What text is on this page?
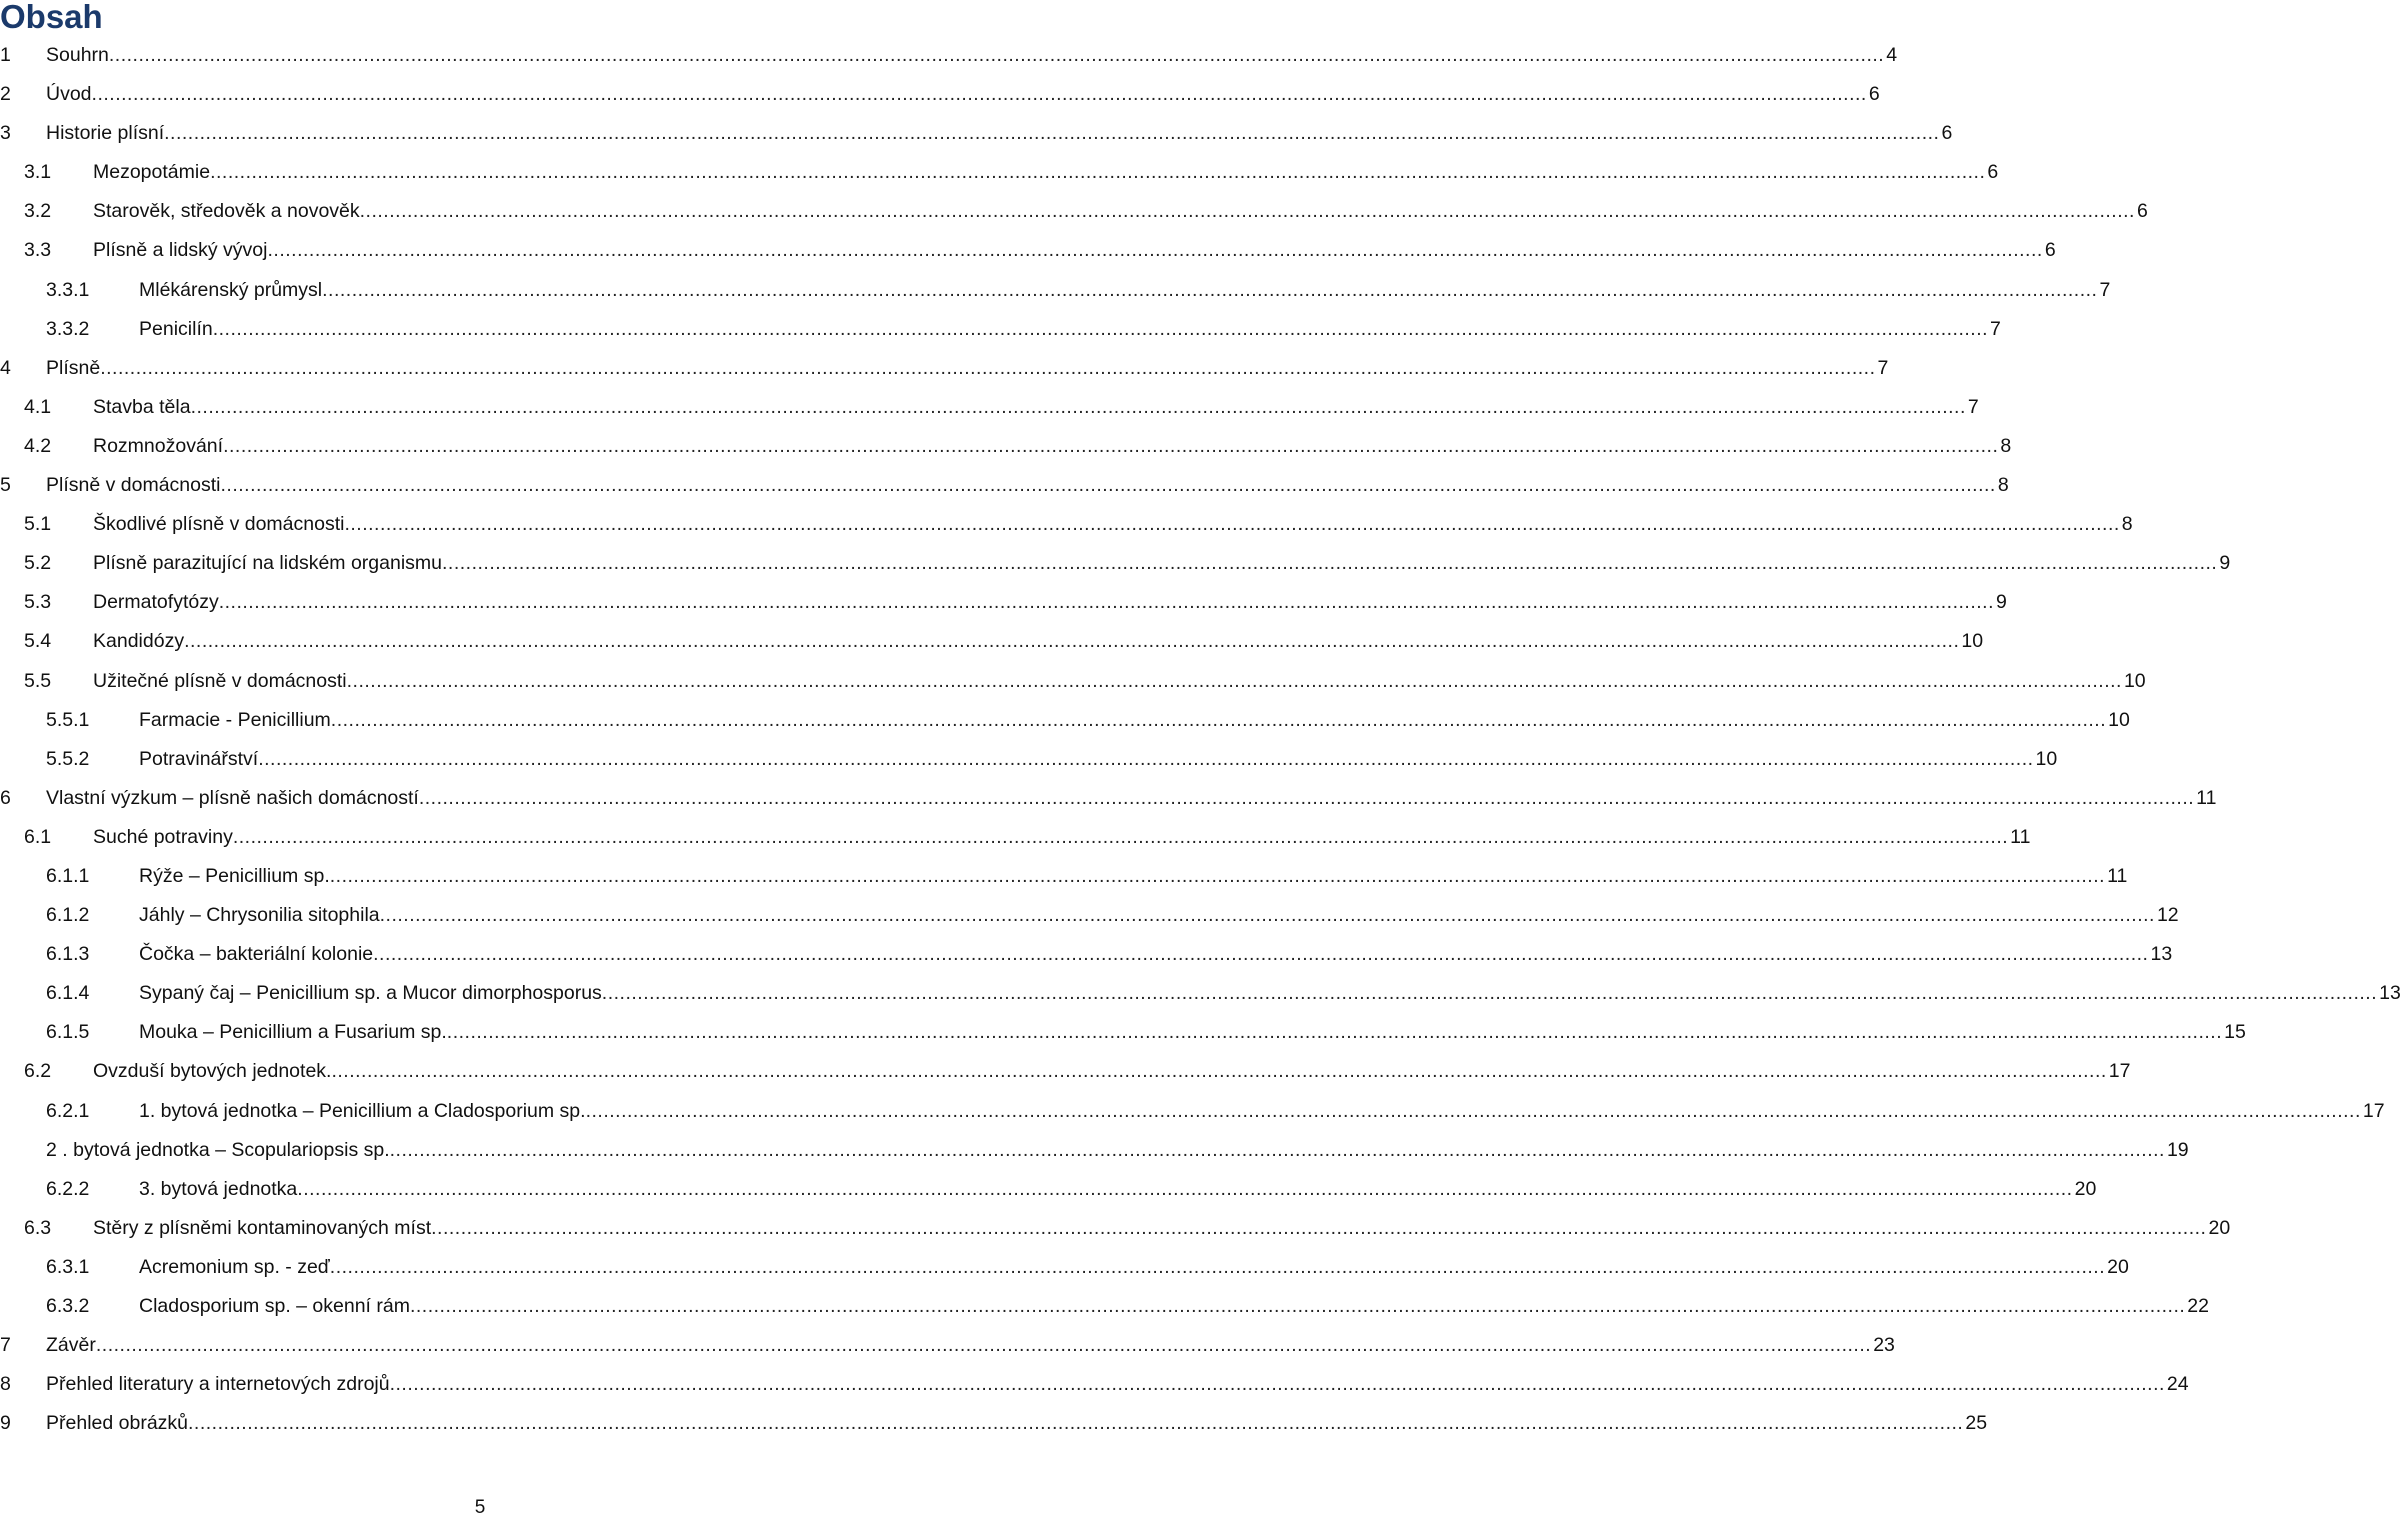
Obsah
1 Souhrn ............................................................................................................................................................................................................................................................................................................ 4
2 Úvod ............................................................................................................................................................................................................................................................................................................ 6
3 Historie plísní ............................................................................................................................................................................................................................................................................................................ 6
3.1 Mezopotámie ............................................................................................................................................................................................................................................................................................................ 6
3.2 Starověk, středověk a novověk ............................................................................................................................................................................................................................................................................................................ 6
3.3 Plísně a lidský vývoj ............................................................................................................................................................................................................................................................................................................ 6
3.3.1	Mlékárenský průmysl ............................................................................................................................................................................................................................................................................................................ 7
3.3.2	Penicilín ............................................................................................................................................................................................................................................................................................................ 7
4 Plísně ............................................................................................................................................................................................................................................................................................................ 7
4.1 Stavba těla ............................................................................................................................................................................................................................................................................................................ 7
4.2 Rozmnožování ............................................................................................................................................................................................................................................................................................................ 8
5 Plísně v domácnosti ............................................................................................................................................................................................................................................................................................................ 8
5.1 Škodlivé plísně v domácnosti ............................................................................................................................................................................................................................................................................................................ 8
5.2 Plísně parazitující na lidském organismu ............................................................................................................................................................................................................................................................................................................ 9
5.3 Dermatofytózy ............................................................................................................................................................................................................................................................................................................ 9
5.4 Kandidózy ............................................................................................................................................................................................................................................................................................................ 10
5.5 Užitečné plísně v domácnosti ............................................................................................................................................................................................................................................................................................................ 10
5.5.1	Farmacie - Penicillium ............................................................................................................................................................................................................................................................................................................ 10
5.5.2	Potravinářství ............................................................................................................................................................................................................................................................................................................ 10
6 Vlastní výzkum – plísně našich domácností ............................................................................................................................................................................................................................................................................................................ 11
6.1 Suché potraviny ............................................................................................................................................................................................................................................................................................................ 11
6.1.1	Rýže – Penicillium sp. ............................................................................................................................................................................................................................................................................................................ 11
6.1.2	Jáhly – Chrysonilia sitophila ............................................................................................................................................................................................................................................................................................................ 12
6.1.3	Čočka – bakteriální kolonie ............................................................................................................................................................................................................................................................................................................ 13
6.1.4	Sypaný čaj – Penicillium sp. a Mucor dimorphosporus ............................................................................................................................................................................................................................................................................................................ 13
6.1.5	Mouka – Penicillium a Fusarium sp. ............................................................................................................................................................................................................................................................................................................ 15
6.2 Ovzduší bytových jednotek. ............................................................................................................................................................................................................................................................................................................ 17
6.2.1	1. bytová jednotka – Penicillium a Cladosporium sp. ............................................................................................................................................................................................................................................................................................................ 17
2 . bytová jednotka – Scopulariopsis sp. ............................................................................................................................................................................................................................................................................................................ 19
6.2.2	3. bytová jednotka ............................................................................................................................................................................................................................................................................................................ 20
6.3 Stěry z plísněmi kontaminovaných míst ............................................................................................................................................................................................................................................................................................................ 20
6.3.1	Acremonium sp. - zeď ............................................................................................................................................................................................................................................................................................................ 20
6.3.2	Cladosporium sp. – okenní rám ............................................................................................................................................................................................................................................................................................................ 22
7 Závěr ............................................................................................................................................................................................................................................................................................................ 23
8 Přehled literatury a internetových zdrojů ............................................................................................................................................................................................................................................................................................................ 24
9 Přehled obrázků ............................................................................................................................................................................................................................................................................................................ 25
5
